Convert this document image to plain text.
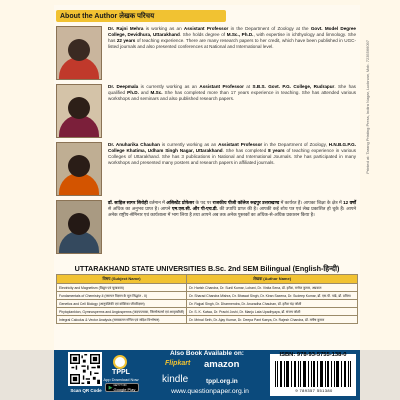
About the Author लेखक परिचय
Printed at: Tarang Printing Press, Indira Nagar, Lucknow, Mob. 7235566097

Dr. Rajni Mehra is working as an Assistant Professor in the Department of Zoology at the Govt. Model Degree College, Devidhura, Uttarakhand. She holds degree of M.Sc., Ph.D., with expertise in ichthyology and limnology. She has 22 years of teaching experience. There are many research papers to her credit, which have been published in UGC-listed journals and also presented conferences at National and International level.

Dr. Deepmala is currently working as an Assistant Professor at S.B.S. Govt. P.G. College, Rudrapur. She has qualified Ph.D. and M.Sc. She has completed more than 17 years experience in teaching. She has attended various workshops and seminars and also published research papers.

Dr. Anuharika Chauhan is currently working as an Assistant Professor in the Department of Zoology, H.N.B.G.P.G. College Khatima, Udham Singh Nagar, Uttarakhand. She has completed 8 years of teaching experience in various Colleges of Uttarakhand. She has 3 publications in National and International Journals. She has participated in many workshops and presented many posters and research papers in affiliated journals.

डॉ. साहिल सागर सिरोही वर्तमान में असिस्टेंट प्रोफेसर के पद पर राजकीय पीजी कॉलेज रूद्रपुर उत्तराखण्ड में कार्यरत हैं। आपका शिक्षा के क्षेत्र में 12 वर्षों से अधिक का अनुभव प्राप्त है। आपने एम.एस.सी. और पी-एच.डी. की उपाधि प्राप्त की है। आपकी कई शोध पत्र एवं लेख प्रकाशित हो चुके हैं। आपने अनेक राष्ट्रीय-सेमिनार एवं कार्यशाला में भाग लिया है तथा आपने अब तक अनेक पुस्तकों का अधिक-से-अधिक प्रकाशन किया है।

UTTARAKHAND STATE UNIVERSITIES B.Sc. 2nd SEM Bilingual (English-हिन्दी)
विषय (Subject Name)	लेखक (Author Name)
Electricity and Magnetism (विद्युत एवं चुम्बकत्व)	Dr. Harish Chandra, Dr. Sunil Kumar, Lohani, Dr. Vinita Sena, डॉ. हरीश, मनोज कुमार, अग्रवाल
Fundamentals of Chemistry-II (रसायन विज्ञान के मूल सिद्धांत - II)	Dr. Sharad Chandra Mishra, Dr. Bhawat Singh, Dr. Kiran Saxena, Dr. Sudeep Kumar, डॉ. एस.पी. पांडे, डॉ. प्रतिमा
Genetics and Cell Biology (आनुवंशिकी एवं कोशिका जीवविज्ञान)	Dr. Rajpal Singh, Dr. Dharmendra, Dr. Anuradha Chauhan, डॉ. हरीश चंद्र जोशी
Phytoplankton, Gymnosperms and Angiosperms (पादपप्लवक, जिम्नोस्पर्म्स एवं आवृतबीजी)	Dr. S. K. Kaiwa, Dr. Prachi Joshi, Dr. Manju Lata Upadhyaya, डॉ. संजय जोशी
Integral Calculus & Vector Analysis (समाकलन गणित एवं सदिश विश्लेषण)	Dr. Mrinal Seth, Dr. Ajay Kumar, Dr. Deepa Pant Kaeya, Dr. Rajesh Chandra, डॉ. मनीष कुमार
Scan QR Code
TPPL
App Download Now
▶ GET IT ON
Google Play
Also Book Available on:
Flipkart amazon
kindle	tppl.org.in
www.questionpaper.org.in
ISBN: 978-93-5755-138-0
9 789357 551380
